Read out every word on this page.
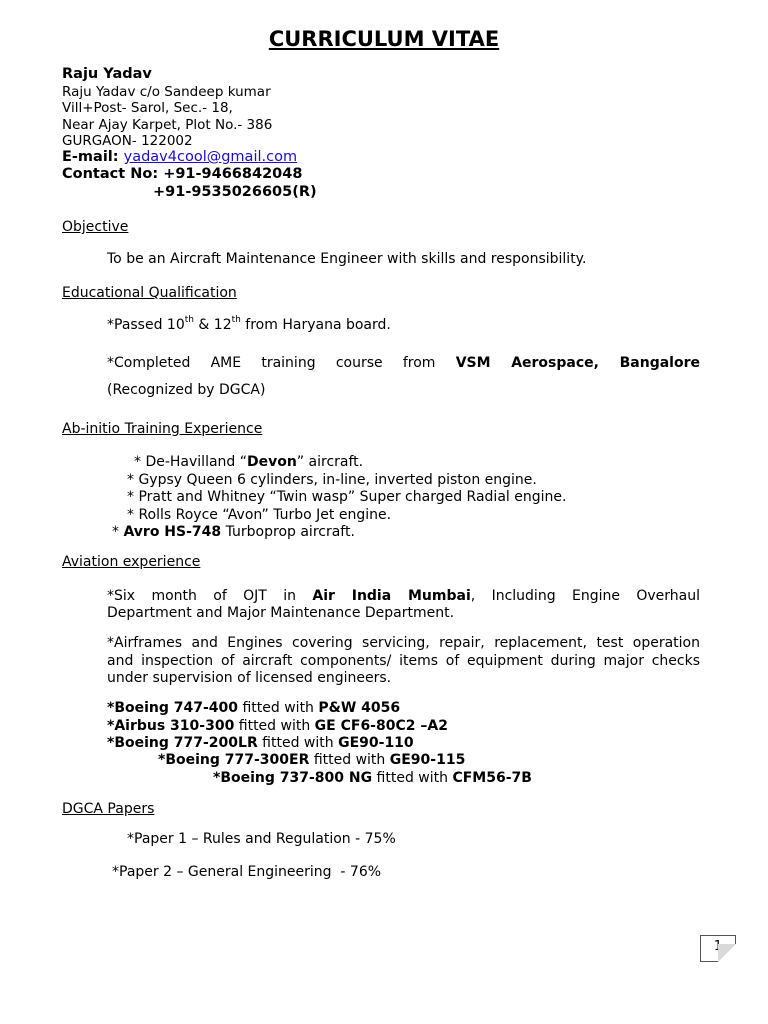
CURRICULUM VITAE
Raju Yadav
Raju Yadav c/o Sandeep kumar
Vill+Post- Sarol, Sec.- 18,
Near Ajay Karpet, Plot No.- 386
GURGAON- 122002
E-mail: yadav4cool@gmail.com
Contact No: +91-9466842048
+91-9535026605(R)
Objective
To be an Aircraft Maintenance Engineer with skills and responsibility.
Educational Qualification
*Passed 10th & 12th from Haryana board.
*Completed AME training course from VSM Aerospace, Bangalore
(Recognized by DGCA)
Ab-initio Training Experience
* De-Havilland “Devon” aircraft.
* Gypsy Queen 6 cylinders, in-line, inverted piston engine.
* Pratt and Whitney “Twin wasp” Super charged Radial engine.
* Rolls Royce “Avon” Turbo Jet engine.
* Avro HS-748 Turboprop aircraft.
Aviation experience
*Six month of OJT in Air India Mumbai, Including Engine Overhaul
Department and Major Maintenance Department.
*Airframes and Engines covering servicing, repair, replacement, test operation
and inspection of aircraft components/ items of equipment during major checks
under supervision of licensed engineers.
*Boeing 747-400 fitted with P&W 4056
*Airbus 310-300 fitted with GE CF6-80C2 –A2
*Boeing 777-200LR fitted with GE90-110
*Boeing 777-300ER fitted with GE90-115
*Boeing 737-800 NG fitted with CFM56-7B
DGCA Papers
*Paper 1 – Rules and Regulation - 75%
*Paper 2 – General Engineering  - 76%
1
